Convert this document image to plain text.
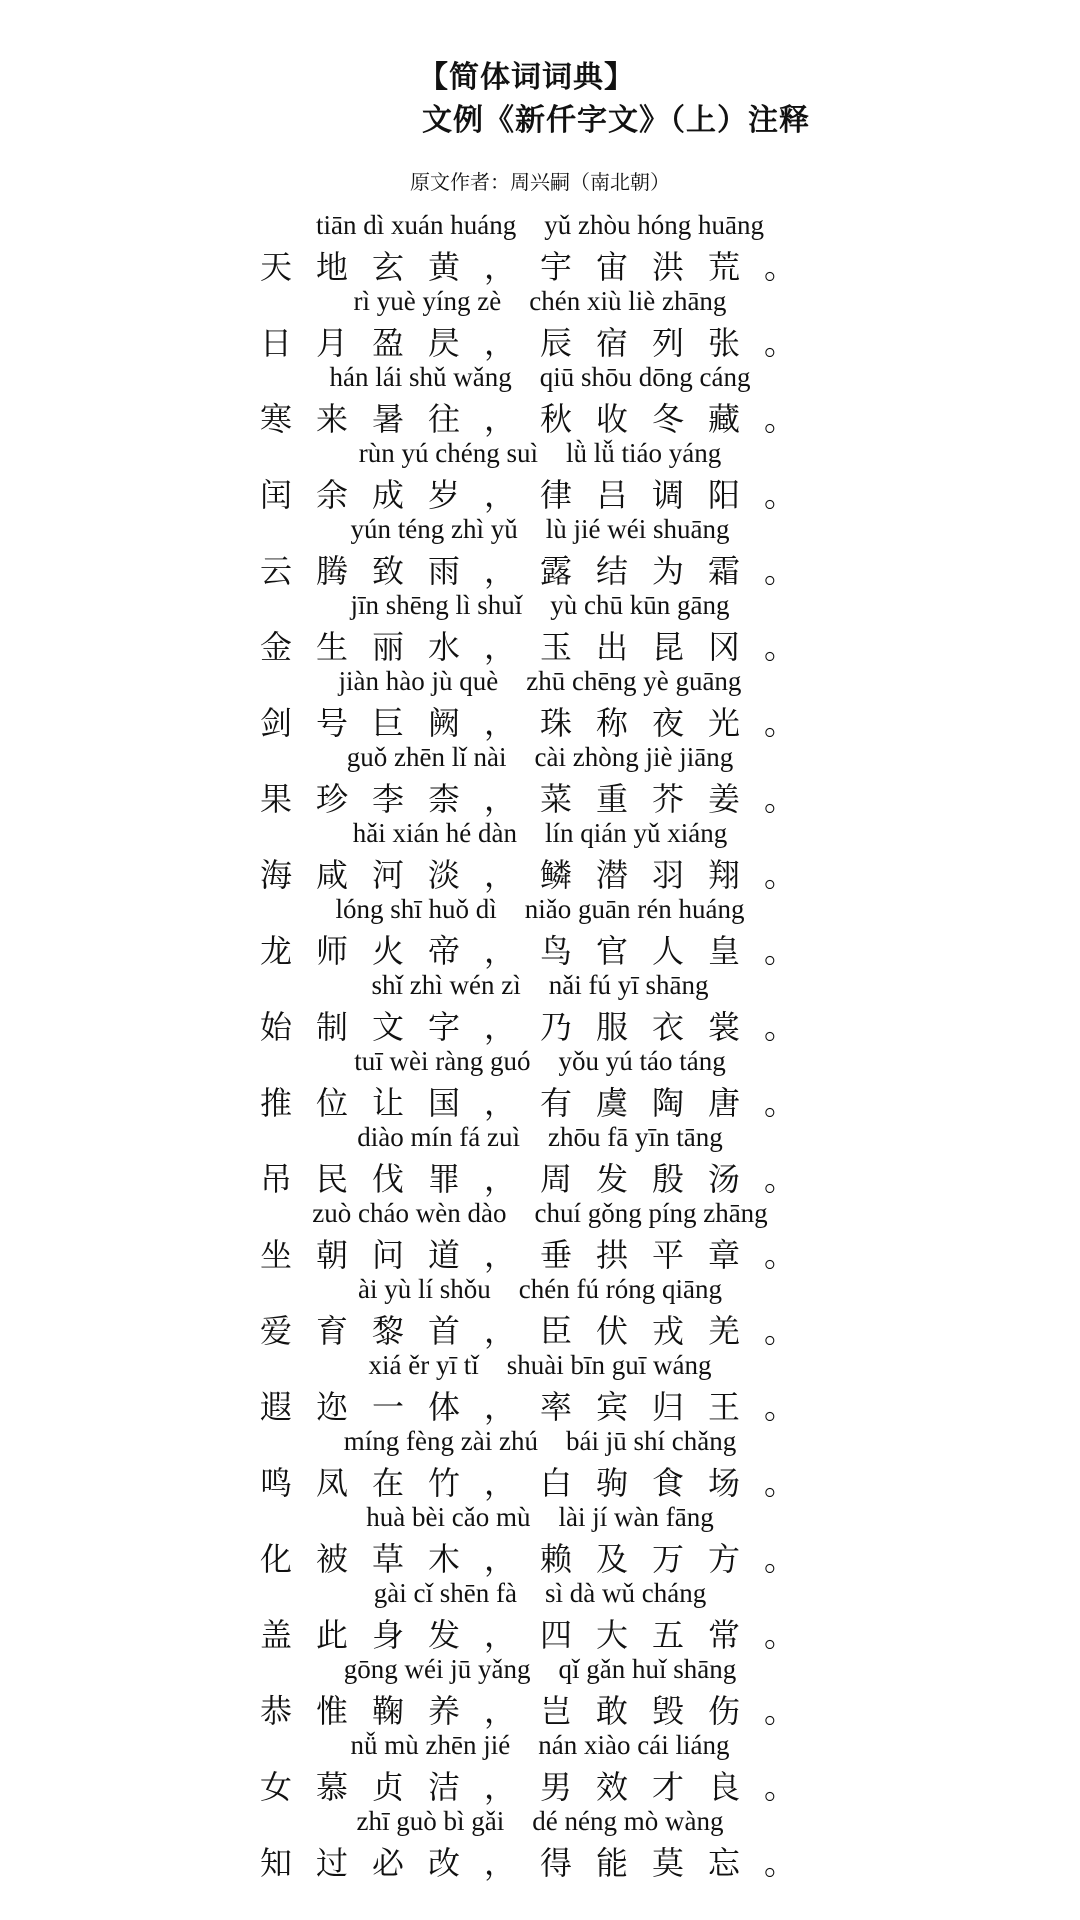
【简体词词典】
文例《新仟字文》（上）注释
原文作者：周兴嗣（南北朝）
tiān dì xuán huáng yǔ zhòu hóng huāng
天地玄黄，宇宙洪荒。
rì yuè yíng zè chén xiù liè zhāng
日月盈昃，辰宿列张。
hán lái shǔ wǎng qiū shōu dōng cáng
寒来暑往，秋收冬藏。
rùn yú chéng suì lǜ lǚ tiáo yáng
闰余成岁，律吕调阳。
yún téng zhì yǔ lù jié wéi shuāng
云腾致雨，露结为霜。
jīn shēng lì shuǐ yù chū kūn gāng
金生丽水，玉出昆冈。
jiàn hào jù què zhū chēng yè guāng
剑号巨阙，珠称夜光。
guǒ zhēn lǐ nài cài zhòng jiè jiāng
果珍李柰，菜重芥姜。
hǎi xián hé dàn lín qián yǔ xiáng
海咸河淡，鳞潜羽翔。
lóng shī huǒ dì niǎo guān rén huáng
龙师火帝，鸟官人皇。
shǐ zhì wén zì nǎi fú yī shāng
始制文字，乃服衣裳。
tuī wèi ràng guó yǒu yú táo táng
推位让国，有虞陶唐。
diào mín fá zuì zhōu fā yīn tāng
吊民伐罪，周发殷汤。
zuò cháo wèn dào chuí gǒng píng zhāng
坐朝问道，垂拱平章。
ài yù lí shǒu chén fú róng qiāng
爱育黎首，臣伏戎羌。
xiá ěr yī tǐ shuài bīn guī wáng
遐迩一体，率宾归王。
míng fèng zài zhú bái jū shí chǎng
鸣凤在竹，白驹食场。
huà bèi cǎo mù lài jí wàn fāng
化被草木，赖及万方。
gài cǐ shēn fà sì dà wǔ cháng
盖此身发，四大五常。
gōng wéi jū yǎng qǐ gǎn huǐ shāng
恭惟鞠养，岂敢毁伤。
nǚ mù zhēn jié nán xiào cái liáng
女慕贞洁，男效才良。
zhī guò bì gǎi dé néng mò wàng
知过必改，得能莫忘。
